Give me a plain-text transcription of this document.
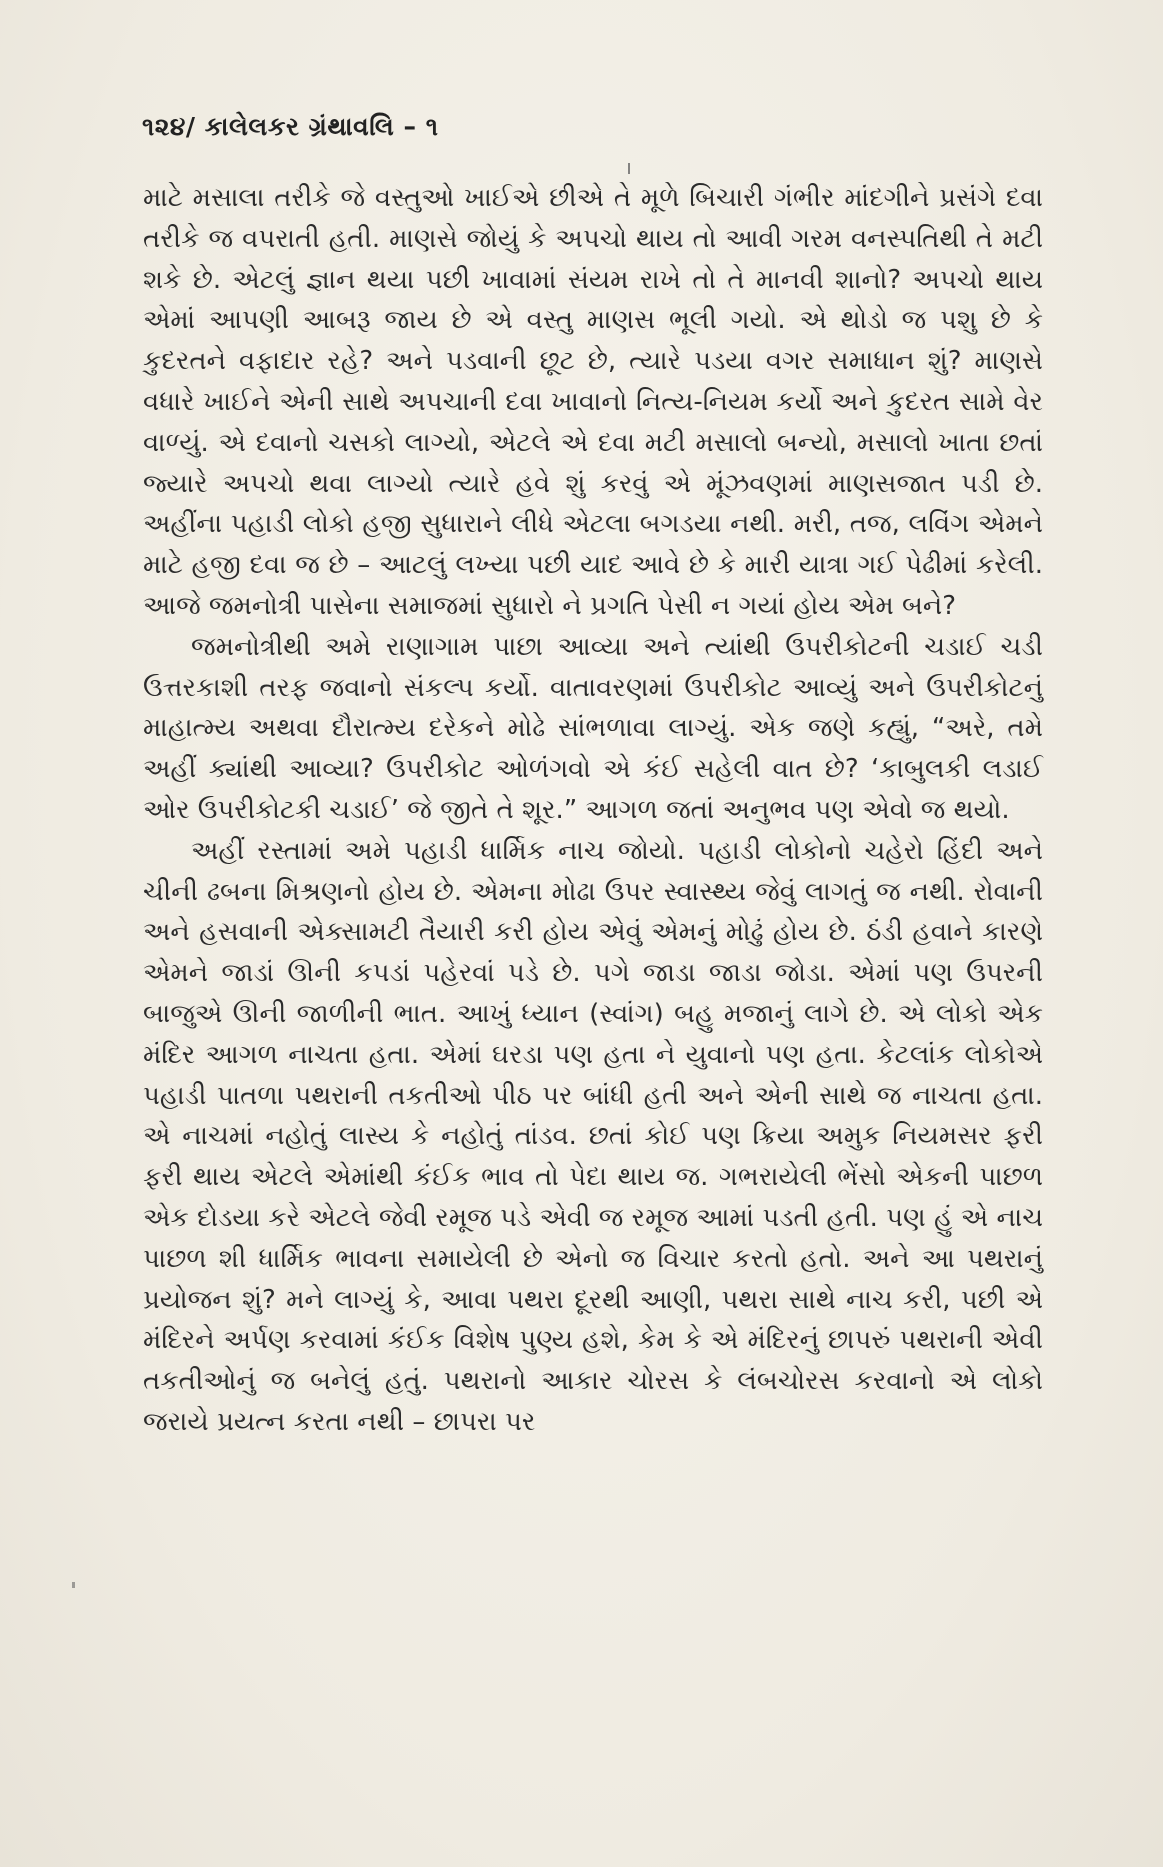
૧૨૪/ કાલેલકર ગ્રંથાવલિ – ૧

માટે મસાલા તરીકે જે વસ્તુઓ ખાઈએ છીએ તે મૂળે બિચારી ગંભીર માંદગીને પ્રસંગે દવા તરીકે જ વપરાતી હતી. માણસે જોયું કે અપચો થાય તો આવી ગરમ વનસ્પતિથી તે મટી શકે છે. એટલું જ્ઞાન થયા પછી ખાવામાં સંયમ રાખે તો તે માનવી શાનો? અપચો થાય એમાં આપણી આબરૂ જાય છે એ વસ્તુ માણસ ભૂલી ગયો. એ થોડો જ પશુ છે કે કુદરતને વફાદાર રહે? અને પડવાની છૂટ છે, ત્યારે પડયા વગર સમાધાન શું? માણસે વધારે ખાઈને એની સાથે અપચાની દવા ખાવાનો નિત્ય-નિયમ કર્યો અને કુદરત સામે વેર વાળ્યું. એ દવાનો ચસકો લાગ્યો, એટલે એ દવા મટી મસાલો બન્યો, મસાલો ખાતા છતાં જ્યારે અપચો થવા લાગ્યો ત્યારે હવે શું કરવું એ મૂંઝવણમાં માણસજાત પડી છે. અહીંના પહાડી લોકો હજી સુધારાને લીધે એટલા બગડયા નથી. મરી, તજ, લવિંગ એમને માટે હજી દવા જ છે – આટલું લખ્યા પછી યાદ આવે છે કે મારી યાત્રા ગઈ પેઢીમાં કરેલી. આજે જમનોત્રી પાસેના સમાજમાં સુધારો ને પ્રગતિ પેસી ન ગયાં હોય એમ બને?

જમનોત્રીથી અમે રાણાગામ પાછા આવ્યા અને ત્યાંથી ઉપરીકોટની ચડાઈ ચડી ઉત્તરકાશી તરફ જવાનો સંકલ્પ કર્યો. વાતાવરણમાં ઉપરીકોટ આવ્યું અને ઉપરીકોટનું માહાત્મ્ય અથવા દૌરાત્મ્ય દરેકને મોઢે સાંભળાવા લાગ્યું. એક જણે કહ્યું, “અરે, તમે અહીં ક્યાંથી આવ્યા? ઉપરીકોટ ઓળંગવો એ કંઈ સહેલી વાત છે? ‘કાબુલકી લડાઈ ઓર ઉપરીકોટકી ચડાઈ’ જે જીતે તે શૂર.” આગળ જતાં અનુભવ પણ એવો જ થયો.

અહીં રસ્તામાં અમે પહાડી ધાર્મિક નાચ જોયો. પહાડી લોકોનો ચહેરો હિંદી અને ચીની ઢબના મિશ્રણનો હોય છે. એમના મોઢા ઉપર સ્વાસ્થ્ય જેવું લાગતું જ નથી. રોવાની અને હસવાની એક્સામટી તૈયારી કરી હોય એવું એમનું મોઢું હોય છે. ઠંડી હવાને કારણે એમને જાડાં ઊની કપડાં પહેરવાં પડે છે. પગે જાડા જાડા જોડા. એમાં પણ ઉપરની બાજુએ ઊની જાળીની ભાત. આખું ધ્યાન (સ્વાંગ) બહુ મજાનું લાગે છે. એ લોકો એક મંદિર આગળ નાચતા હતા. એમાં ઘરડા પણ હતા ને યુવાનો પણ હતા. કેટલાંક લોકોએ પહાડી પાતળા પથરાની તકતીઓ પીઠ પર બાંધી હતી અને એની સાથે જ નાચતા હતા. એ નાચમાં નહોતું લાસ્ય કે નહોતું તાંડવ. છતાં કોઈ પણ ક્રિયા અમુક નિયમસર ફરી ફરી થાય એટલે એમાંથી કંઈક ભાવ તો પેદા થાય જ. ગભરાયેલી ભેંસો એકની પાછળ એક દોડયા કરે એટલે જેવી રમૂજ પડે એવી જ રમૂજ આમાં પડતી હતી. પણ હું એ નાચ પાછળ શી ધાર્મિક ભાવના સમાયેલી છે એનો જ વિચાર કરતો હતો. અને આ પથરાનું પ્રયોજન શું? મને લાગ્યું કે, આવા પથરા દૂરથી આણી, પથરા સાથે નાચ કરી, પછી એ મંદિરને અર્પણ કરવામાં કંઈક વિશેષ પુણ્ય હશે, કેમ કે એ મંદિરનું છાપરું પથરાની એવી તકતીઓનું જ બનેલું હતું. પથરાનો આકાર ચોરસ કે લંબચોરસ કરવાનો એ લોકો જરાયે પ્રયત્ન કરતા નથી – છાપરા પર
